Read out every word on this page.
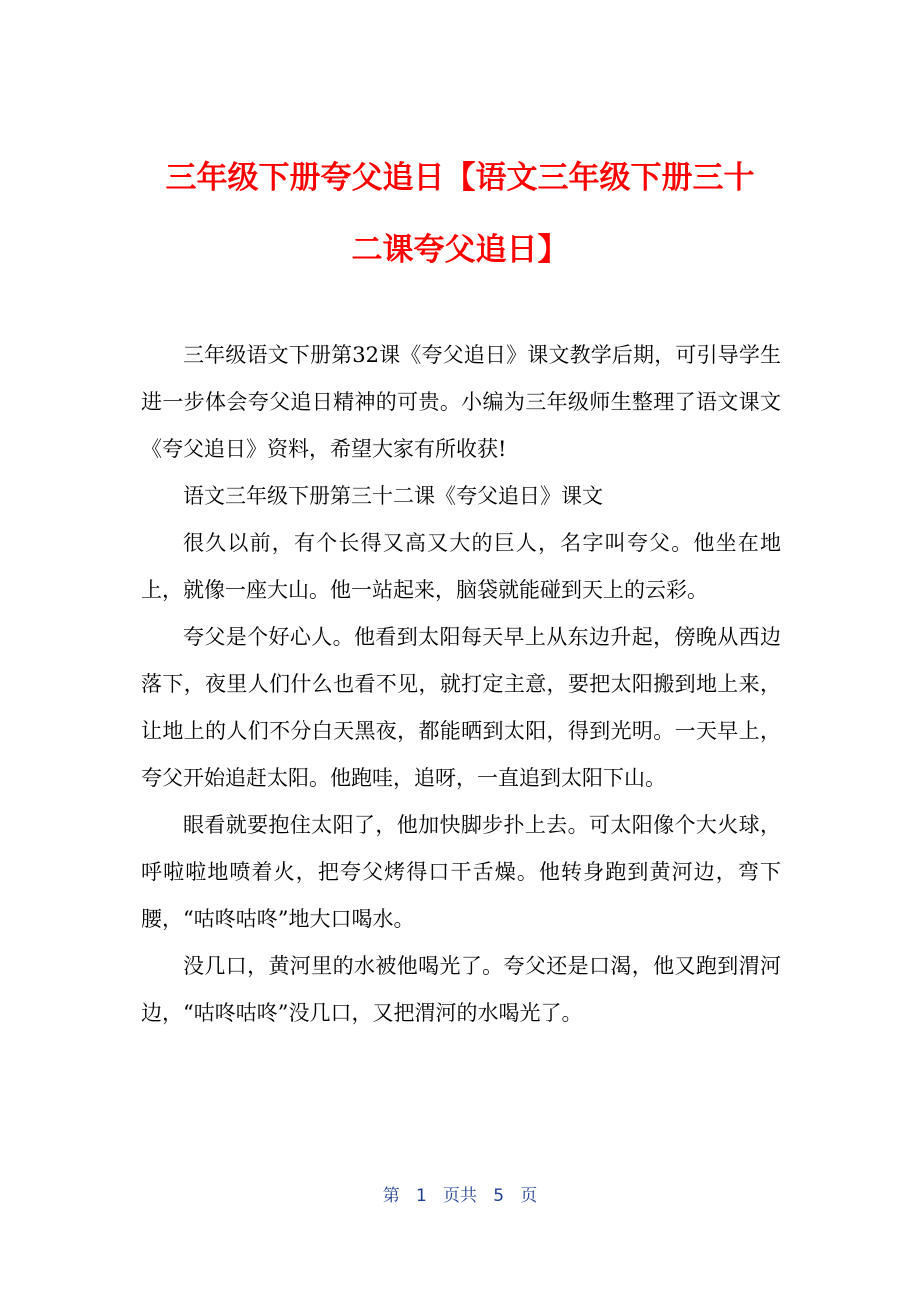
三年级下册夸父追日【语文三年级下册三十
二课夸父追日】

三年级语文下册第32课《夸父追日》课文教学后期，可引导学生进一步体会夸父追日精神的可贵。小编为三年级师生整理了语文课文《夸父追日》资料，希望大家有所收获!

语文三年级下册第三十二课《夸父追日》课文

很久以前，有个长得又高又大的巨人，名字叫夸父。他坐在地上，就像一座大山。他一站起来，脑袋就能碰到天上的云彩。

夸父是个好心人。他看到太阳每天早上从东边升起，傍晚从西边落下，夜里人们什么也看不见，就打定主意，要把太阳搬到地上来，让地上的人们不分白天黑夜，都能晒到太阳，得到光明。一天早上，夸父开始追赶太阳。他跑哇，追呀，一直追到太阳下山。

眼看就要抱住太阳了，他加快脚步扑上去。可太阳像个大火球，呼啦啦地喷着火，把夸父烤得口干舌燥。他转身跑到黄河边，弯下腰，“咕咚咕咚”地大口喝水。

没几口，黄河里的水被他喝光了。夸父还是口渴，他又跑到渭河边，“咕咚咕咚”没几口，又把渭河的水喝光了。

第 1 页共 5 页
